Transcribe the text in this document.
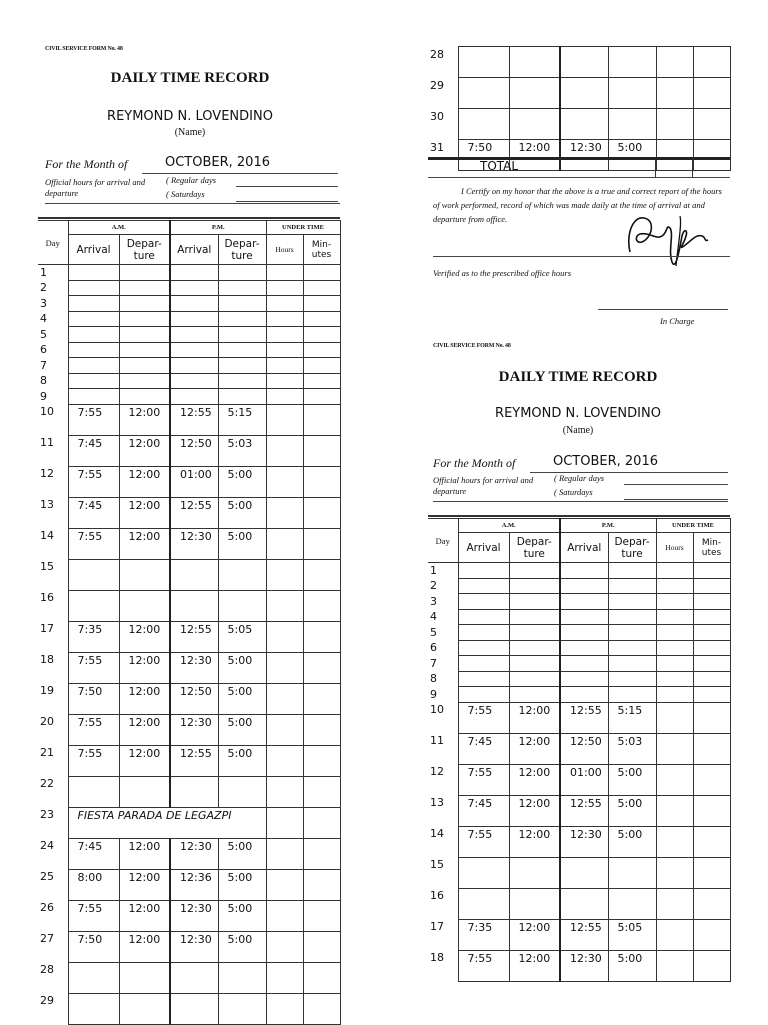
CIVIL SERVICE FORM No. 48
DAILY TIME RECORD
REYMOND N. LOVENDINO
(Name)
For the Month of	OCTOBER, 2016
Official hours for arrival and departure
( Regular days
( Saturdays
Day	A.M.		P.M.		UNDER TIME	
	Arrival	Depar-ture	Arrival	Depar-ture	Hours	Min-utes
1						
2						
3						
4						
5						
6						
7						
8						
9						
10	7:55	12:00	12:55	5:15		
11	7:45	12:00	12:50	5:03		
12	7:55	12:00	01:00	5:00		
13	7:45	12:00	12:55	5:00		
14	7:55	12:00	12:30	5:00		
15						
16						
17	7:35	12:00	12:55	5:05		
18	7:55	12:00	12:30	5:00		
19	7:50	12:00	12:50	5:00		
20	7:55	12:00	12:30	5:00		
21	7:55	12:00	12:55	5:00		
22						
23	FIESTA PARADA DE LEGAZPI					
24	7:45	12:00	12:30	5:00		
25	8:00	12:00	12:36	5:00		
26	7:55	12:00	12:30	5:00		
27	7:50	12:00	12:30	5:00		
28						
29						
28						
29						
30						
31	7:50	12:00	12:30	5:00		
TOTAL
I Certify on my honor that the above is a true and correct report of the hours of work performed, record of which was made daily at the time of arrival at and departure from office.
Verified as to the prescribed office hours
In Charge
CIVIL SERVICE FORM No. 48
DAILY TIME RECORD
REYMOND N. LOVENDINO
(Name)
For the Month of	OCTOBER, 2016
Official hours for arrival and departure
( Regular days
( Saturdays
Day	A.M.		P.M.		UNDER TIME	
	Arrival	Depar-ture	Arrival	Depar-ture	Hours	Min-utes
1						
2						
3						
4						
5						
6						
7						
8						
9						
10	7:55	12:00	12:55	5:15		
11	7:45	12:00	12:50	5:03		
12	7:55	12:00	01:00	5:00		
13	7:45	12:00	12:55	5:00		
14	7:55	12:00	12:30	5:00		
15						
16						
17	7:35	12:00	12:55	5:05		
18	7:55	12:00	12:30	5:00		
